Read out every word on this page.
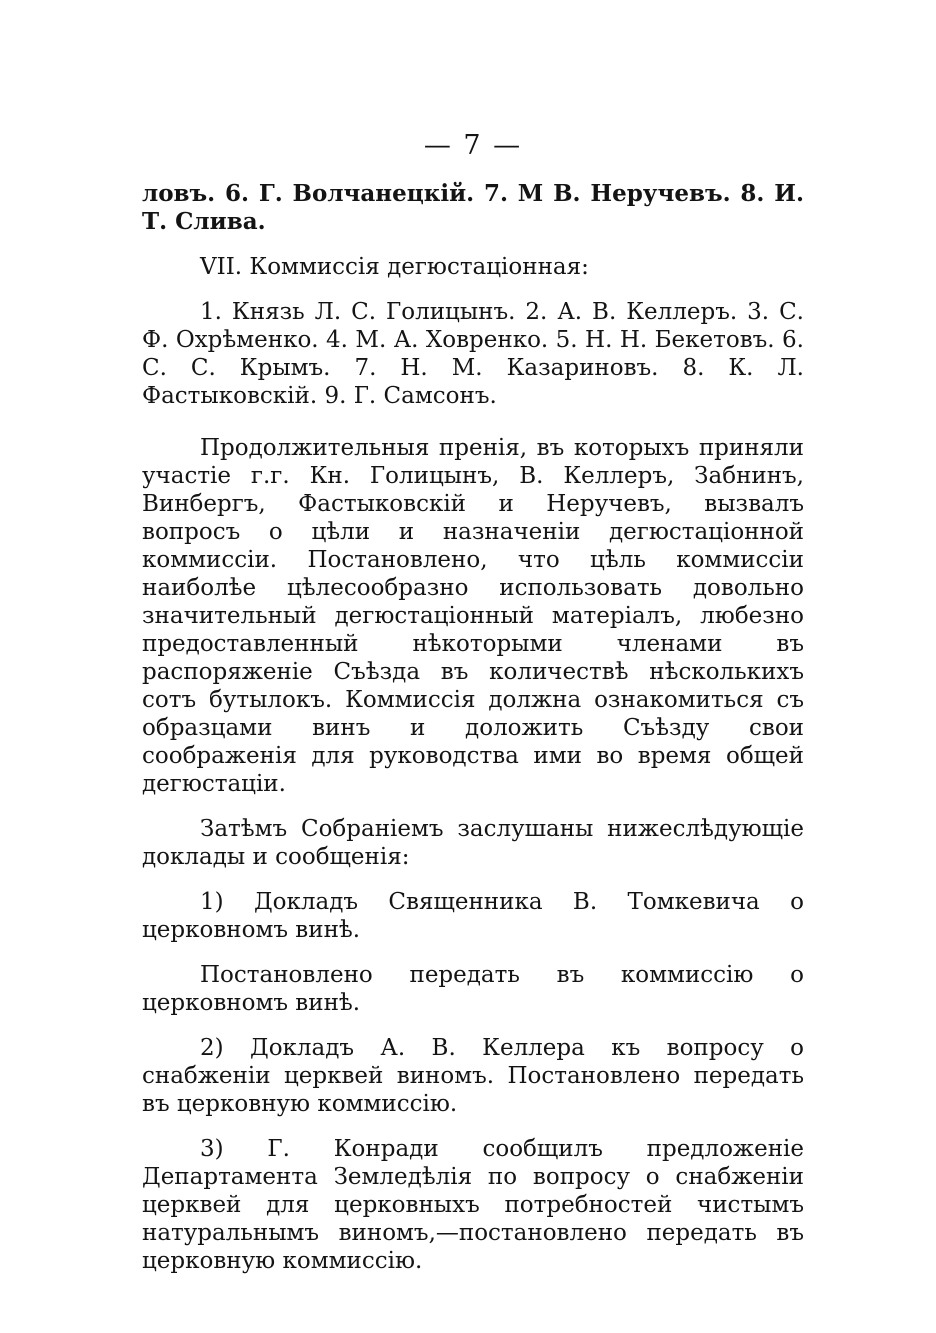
— 7 —

ловъ. 6. Г. Волчанецкій. 7. М В. Неручевъ. 8. И. Т. Слива.

VII. Коммиссія дегюстаціонная:

1. Князь Л. С. Голицынъ. 2. А. В. Келлеръ. 3. С. Ф. Охрѣменко. 4. М. А. Ховренко. 5. Н. Н. Бекетовъ. 6. С. С. Крымъ. 7. Н. М. Казариновъ. 8. К. Л. Фастыковскій. 9. Г. Самсонъ.

Продолжительныя пренія, въ которыхъ приняли участіе г.г. Кн. Голицынъ, В. Келлеръ, Забнинъ, Винбергъ, Фастыковскій и Неручевъ, вызвалъ вопросъ о цѣли и назначеніи дегюстаціонной коммиссіи. Постановлено, что цѣль коммиссіи наиболѣе цѣлесообразно использовать довольно значительный дегюстаціонный матеріалъ, любезно предоставленный нѣкоторыми членами въ распоряженіе Съѣзда въ количествѣ нѣсколькихъ сотъ бутылокъ. Коммиссія должна ознакомиться съ образцами винъ и доложить Съѣзду свои соображенія для руководства ими во время общей дегюстаціи.

Затѣмъ Собраніемъ заслушаны нижеслѣдующіе доклады и сообщенія:

1) Докладъ Священника В. Томкевича о церковномъ винѣ.

Постановлено передать въ коммиссію о церковномъ винѣ.

2) Докладъ А. В. Келлера къ вопросу о снабженіи церквей виномъ. Постановлено передать въ церковную коммиссію.

3) Г. Конради сообщилъ предложеніе Департамента Земледѣлія по вопросу о снабженіи церквей для церковныхъ потребностей чистымъ натуральнымъ виномъ,—постановлено передать въ церковную коммиссію.
